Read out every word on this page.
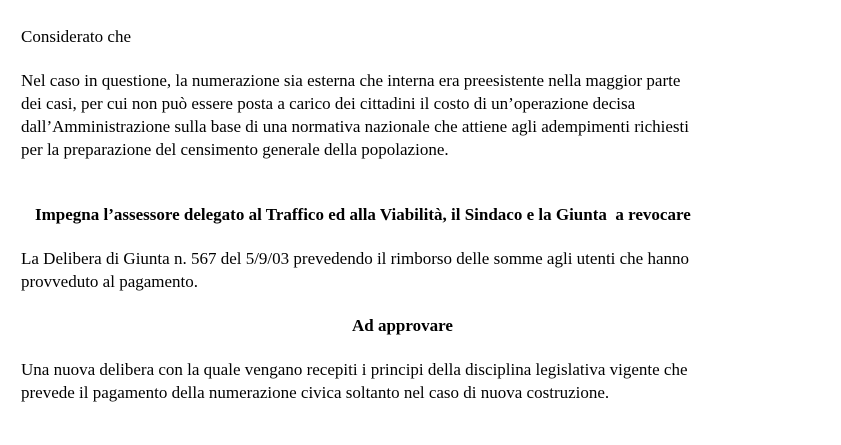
Considerato che

Nel caso in questione, la numerazione sia esterna che interna era preesistente nella maggior parte

dei casi, per cui non può essere posta a carico dei cittadini il costo di un’operazione decisa

dall’Amministrazione sulla base di una normativa nazionale che attiene agli adempimenti richiesti

per la preparazione del censimento generale della popolazione.

Impegna l’assessore delegato al Traffico ed alla Viabilità, il Sindaco e la Giunta  a revocare

La Delibera di Giunta n. 567 del 5/9/03 prevedendo il rimborso delle somme agli utenti che hanno

provveduto al pagamento.

Ad approvare

Una nuova delibera con la quale vengano recepiti i principi della disciplina legislativa vigente che

prevede il pagamento della numerazione civica soltanto nel caso di nuova costruzione.
